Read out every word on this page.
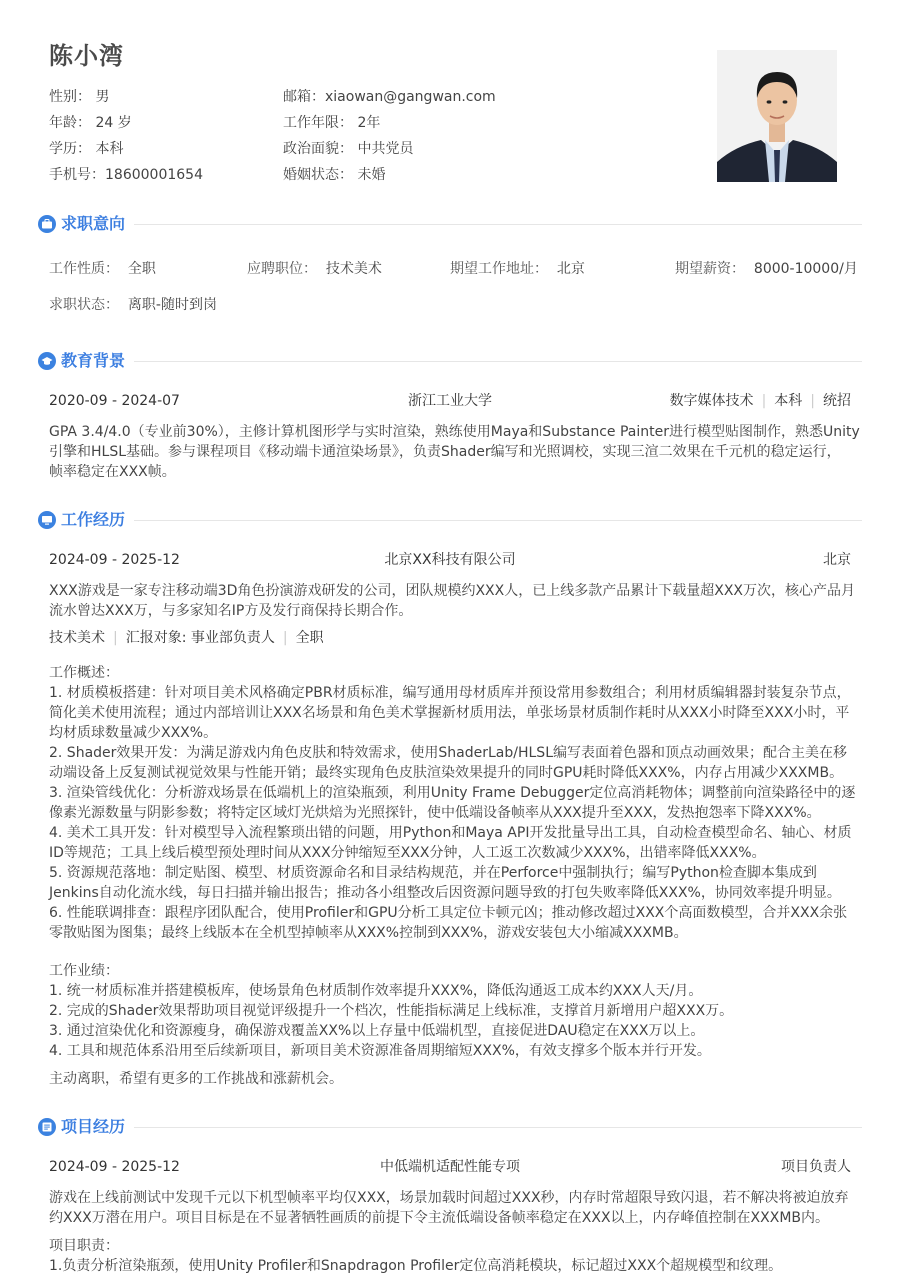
陈小湾
性别： 男	邮箱：xiaowan@gangwan.com
年龄： 24 岁	工作年限： 2年
学历： 本科	政治面貌： 中共党员
手机号：18600001654	婚姻状态： 未婚
求职意向
工作性质： 全职	应聘职位： 技术美术	期望工作地址： 北京	期望薪资： 8000-10000/月
求职状态： 离职-随时到岗
教育背景
2020-09 - 2024-07	浙江工业大学	数字媒体技术 | 本科 | 统招
GPA 3.4/4.0（专业前30%），主修计算机图形学与实时渲染，熟练使用Maya和Substance Painter进行模型贴图制作，熟悉Unity
引擎和HLSL基础。参与课程项目《移动端卡通渲染场景》，负责Shader编写和光照调校，实现三渲二效果在千元机的稳定运行，
帧率稳定在XXX帧。
工作经历
2024-09 - 2025-12	北京XX科技有限公司	北京
XXX游戏是一家专注移动端3D角色扮演游戏研发的公司，团队规模约XXX人，已上线多款产品累计下载量超XXX万次，核心产品月
流水曾达XXX万，与多家知名IP方及发行商保持长期合作。
技术美术 | 汇报对象: 事业部负责人 | 全职
工作概述：
1. 材质模板搭建：针对项目美术风格确定PBR材质标准，编写通用母材质库并预设常用参数组合；利用材质编辑器封装复杂节点，
简化美术使用流程；通过内部培训让XXX名场景和角色美术掌握新材质用法，单张场景材质制作耗时从XXX小时降至XXX小时，平
均材质球数量减少XXX%。
2. Shader效果开发：为满足游戏内角色皮肤和特效需求，使用ShaderLab/HLSL编写表面着色器和顶点动画效果；配合主美在移
动端设备上反复测试视觉效果与性能开销；最终实现角色皮肤渲染效果提升的同时GPU耗时降低XXX%，内存占用减少XXXMB。
3. 渲染管线优化：分析游戏场景在低端机上的渲染瓶颈，利用Unity Frame Debugger定位高消耗物体；调整前向渲染路径中的逐
像素光源数量与阴影参数；将特定区域灯光烘焙为光照探针，使中低端设备帧率从XXX提升至XXX，发热抱怨率下降XXX%。
4. 美术工具开发：针对模型导入流程繁琐出错的问题，用Python和Maya API开发批量导出工具，自动检查模型命名、轴心、材质
ID等规范；工具上线后模型预处理时间从XXX分钟缩短至XXX分钟，人工返工次数减少XXX%，出错率降低XXX%。
5. 资源规范落地：制定贴图、模型、材质资源命名和目录结构规范，并在Perforce中强制执行；编写Python检查脚本集成到
Jenkins自动化流水线，每日扫描并输出报告；推动各小组整改后因资源问题导致的打包失败率降低XXX%，协同效率提升明显。
6. 性能联调排查：跟程序团队配合，使用Profiler和GPU分析工具定位卡顿元凶；推动修改超过XXX个高面数模型，合并XXX余张
零散贴图为图集；最终上线版本在全机型掉帧率从XXX%控制到XXX%，游戏安装包大小缩减XXXMB。
工作业绩：
1. 统一材质标准并搭建模板库，使场景角色材质制作效率提升XXX%，降低沟通返工成本约XXX人天/月。
2. 完成的Shader效果帮助项目视觉评级提升一个档次，性能指标满足上线标准，支撑首月新增用户超XXX万。
3. 通过渲染优化和资源瘦身，确保游戏覆盖XX%以上存量中低端机型，直接促进DAU稳定在XXX万以上。
4. 工具和规范体系沿用至后续新项目，新项目美术资源准备周期缩短XXX%，有效支撑多个版本并行开发。
主动离职，希望有更多的工作挑战和涨薪机会。
项目经历
2024-09 - 2025-12	中低端机适配性能专项	项目负责人
游戏在上线前测试中发现千元以下机型帧率平均仅XXX，场景加载时间超过XXX秒，内存时常超限导致闪退，若不解决将被迫放弃
约XXX万潜在用户。项目目标是在不显著牺牲画质的前提下令主流低端设备帧率稳定在XXX以上，内存峰值控制在XXXMB内。
项目职责：
1.负责分析渲染瓶颈，使用Unity Profiler和Snapdragon Profiler定位高消耗模块，标记超过XXX个超规模型和纹理。
